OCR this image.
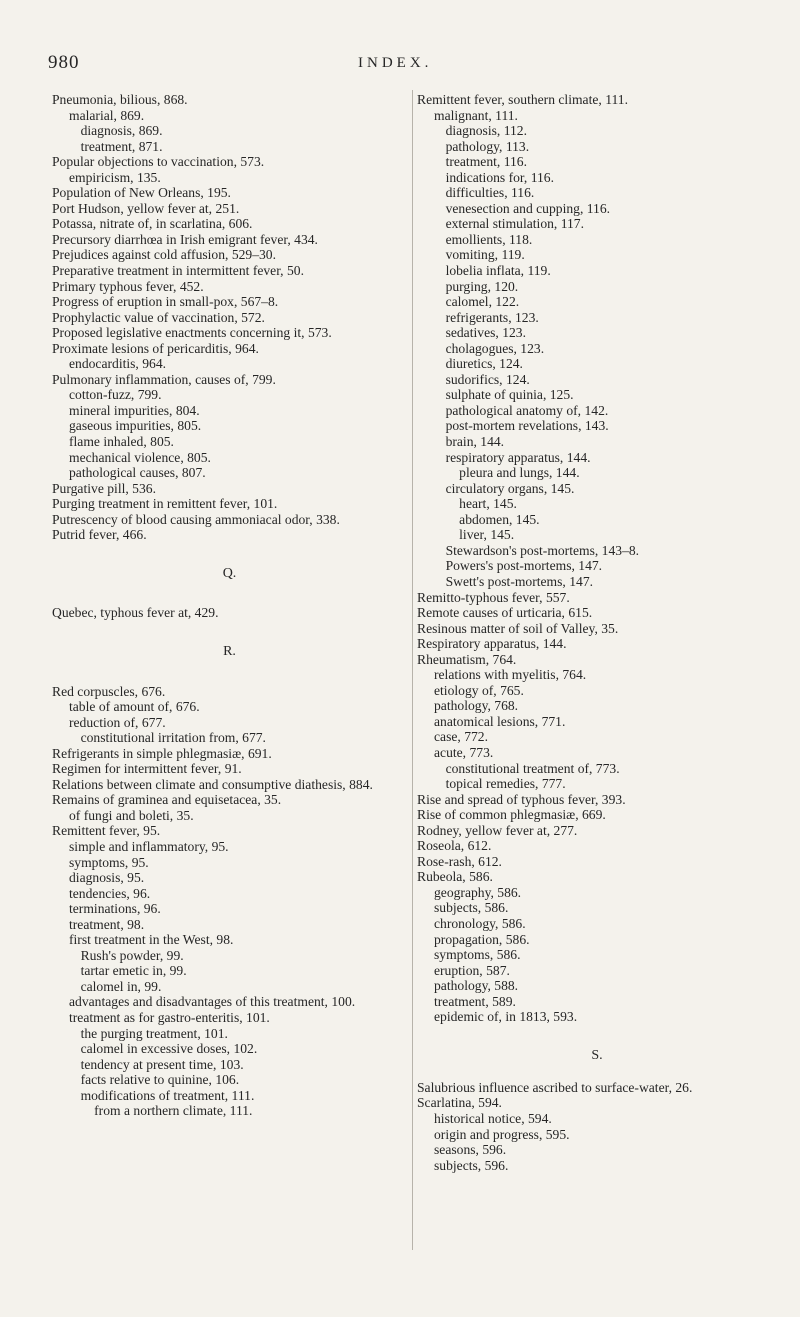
980	INDEX.

Pneumonia, bilious, 868.

malarial, 869.

diagnosis, 869.

treatment, 871.

Popular objections to vaccination, 573.

empiricism, 135.

Population of New Orleans, 195.

Port Hudson, yellow fever at, 251.

Potassa, nitrate of, in scarlatina, 606.

Precursory diarrhœa in Irish emigrant fever, 434.

Prejudices against cold affusion, 529–30.

Preparative treatment in intermittent fever, 50.

Primary typhous fever, 452.

Progress of eruption in small-pox, 567–8.

Prophylactic value of vaccination, 572.

Proposed legislative enactments concerning it, 573.

Proximate lesions of pericarditis, 964.

endocarditis, 964.

Pulmonary inflammation, causes of, 799.

cotton-fuzz, 799.

mineral impurities, 804.

gaseous impurities, 805.

flame inhaled, 805.

mechanical violence, 805.

pathological causes, 807.

Purgative pill, 536.

Purging treatment in remittent fever, 101.

Putrescency of blood causing ammoniacal odor, 338.

Putrid fever, 466.

Q.

Quebec, typhous fever at, 429.

R.

Red corpuscles, 676.

table of amount of, 676.

reduction of, 677.

constitutional irritation from, 677.

Refrigerants in simple phlegmasiæ, 691.

Regimen for intermittent fever, 91.

Relations between climate and consumptive diathesis, 884.

Remains of graminea and equisetacea, 35.

of fungi and boleti, 35.

Remittent fever, 95.

simple and inflammatory, 95.

symptoms, 95.

diagnosis, 95.

tendencies, 96.

terminations, 96.

treatment, 98.

first treatment in the West, 98.

Rush's powder, 99.

tartar emetic in, 99.

calomel in, 99.

advantages and disadvantages of this treatment, 100.

treatment as for gastro-enteritis, 101.

the purging treatment, 101.

calomel in excessive doses, 102.

tendency at present time, 103.

facts relative to quinine, 106.

modifications of treatment, 111.

from a northern climate, 111.

Remittent fever, southern climate, 111.

malignant, 111.

diagnosis, 112.

pathology, 113.

treatment, 116.

indications for, 116.

difficulties, 116.

venesection and cupping, 116.

external stimulation, 117.

emollients, 118.

vomiting, 119.

lobelia inflata, 119.

purging, 120.

calomel, 122.

refrigerants, 123.

sedatives, 123.

cholagogues, 123.

diuretics, 124.

sudorifics, 124.

sulphate of quinia, 125.

pathological anatomy of, 142.

post-mortem revelations, 143.

brain, 144.

respiratory apparatus, 144.

pleura and lungs, 144.

circulatory organs, 145.

heart, 145.

abdomen, 145.

liver, 145.

Stewardson's post-mortems, 143–8.

Powers's post-mortems, 147.

Swett's post-mortems, 147.

Remitto-typhous fever, 557.

Remote causes of urticaria, 615.

Resinous matter of soil of Valley, 35.

Respiratory apparatus, 144.

Rheumatism, 764.

relations with myelitis, 764.

etiology of, 765.

pathology, 768.

anatomical lesions, 771.

case, 772.

acute, 773.

constitutional treatment of, 773.

topical remedies, 777.

Rise and spread of typhous fever, 393.

Rise of common phlegmasiæ, 669.

Rodney, yellow fever at, 277.

Roseola, 612.

Rose-rash, 612.

Rubeola, 586.

geography, 586.

subjects, 586.

chronology, 586.

propagation, 586.

symptoms, 586.

eruption, 587.

pathology, 588.

treatment, 589.

epidemic of, in 1813, 593.

S.

Salubrious influence ascribed to surface-water, 26.

Scarlatina, 594.

historical notice, 594.

origin and progress, 595.

seasons, 596.

subjects, 596.
